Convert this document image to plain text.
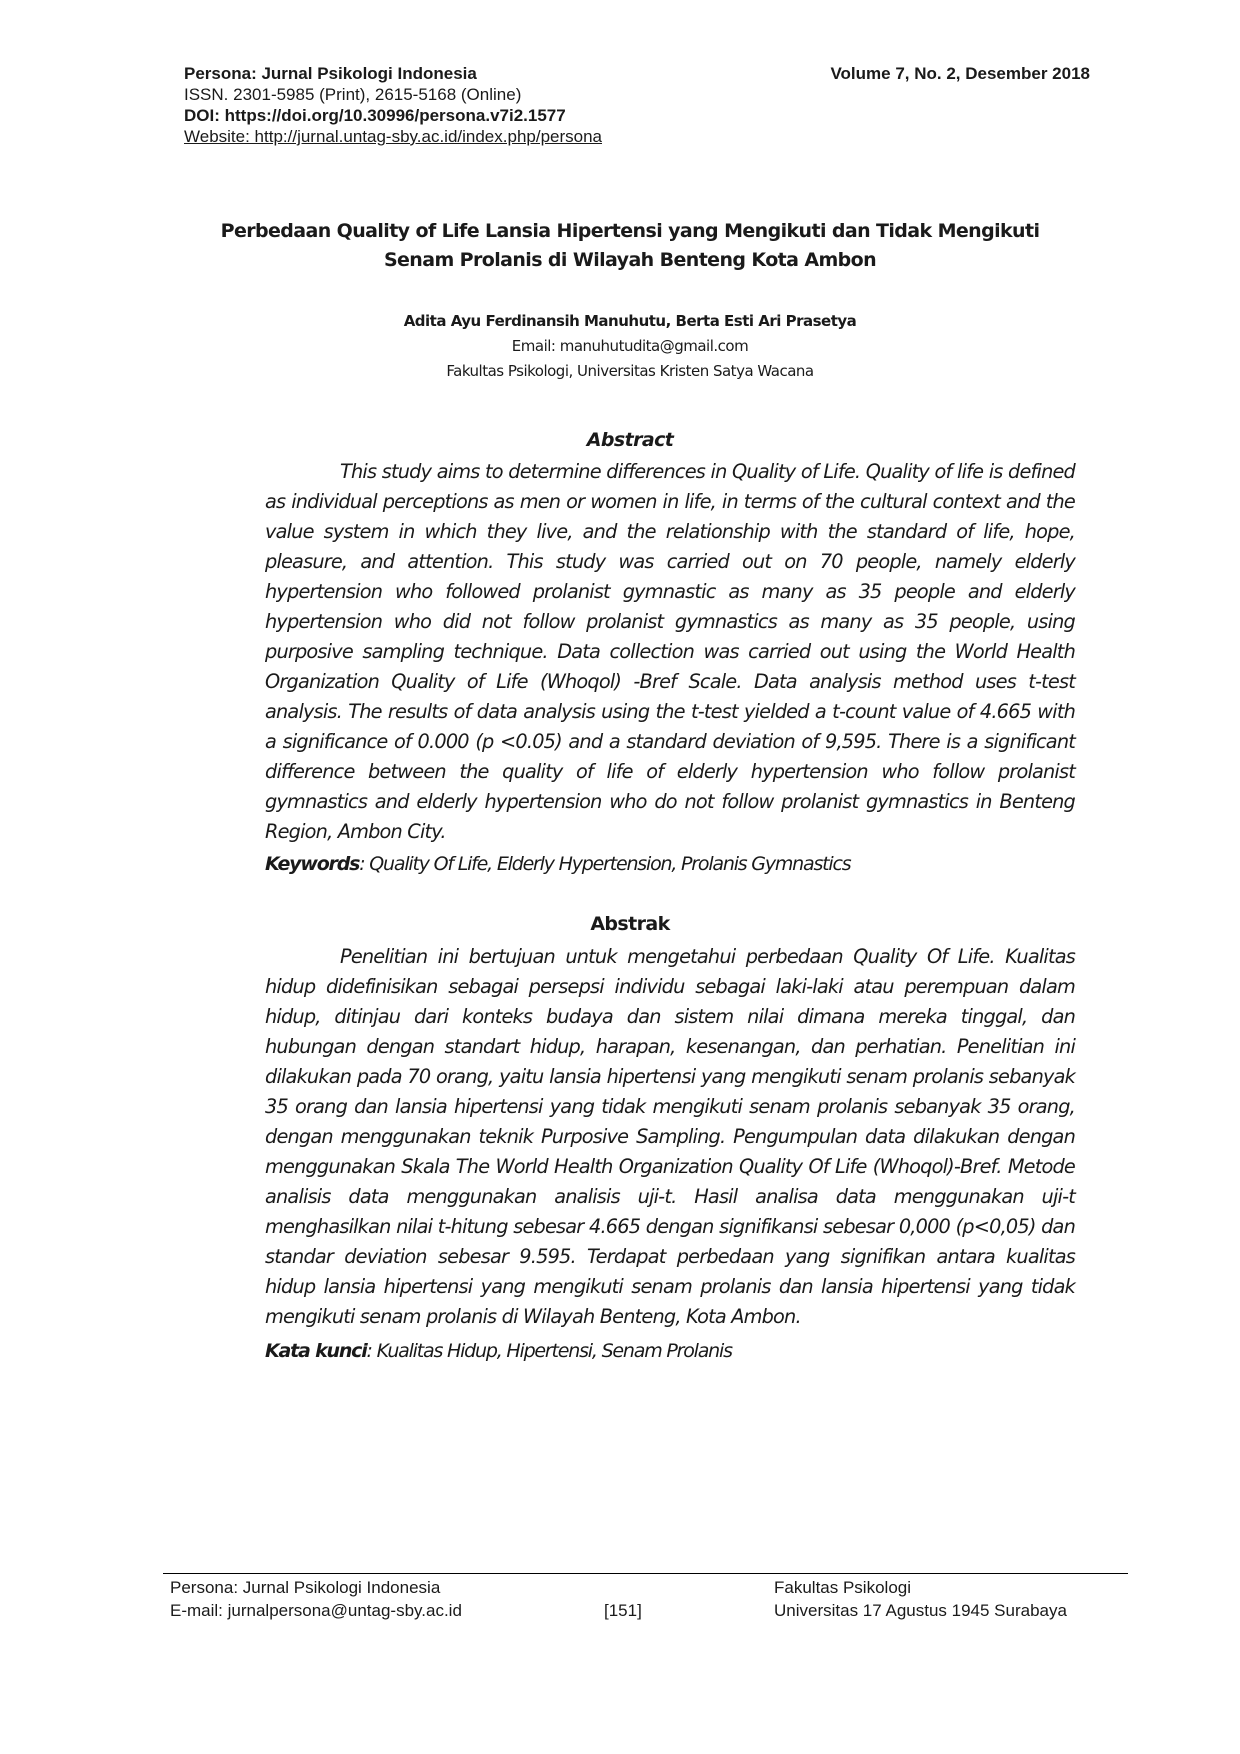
Persona: Jurnal Psikologi Indonesia
ISSN. 2301-5985 (Print), 2615-5168 (Online)
DOI: https://doi.org/10.30996/persona.v7i2.1577
Website: http://jurnal.untag-sby.ac.id/index.php/persona
Volume 7, No. 2, Desember 2018
Perbedaan Quality of Life Lansia Hipertensi yang Mengikuti dan Tidak Mengikuti Senam Prolanis di Wilayah Benteng Kota Ambon
Adita Ayu Ferdinansih Manuhutu, Berta Esti Ari Prasetya
Email: manuhutudita@gmail.com
Fakultas Psikologi, Universitas Kristen Satya Wacana
Abstract

This study aims to determine differences in Quality of Life. Quality of life is defined as individual perceptions as men or women in life, in terms of the cultural context and the value system in which they live, and the relationship with the standard of life, hope, pleasure, and attention. This study was carried out on 70 people, namely elderly hypertension who followed prolanist gymnastic as many as 35 people and elderly hypertension who did not follow prolanist gymnastics as many as 35 people, using purposive sampling technique. Data collection was carried out using the World Health Organization Quality of Life (Whoqol) -Bref Scale. Data analysis method uses t-test analysis. The results of data analysis using the t-test yielded a t-count value of 4.665 with a significance of 0.000 (p <0.05) and a standard deviation of 9,595. There is a significant difference between the quality of life of elderly hypertension who follow prolanist gymnastics and elderly hypertension who do not follow prolanist gymnastics in Benteng Region, Ambon City.

Keywords: Quality Of Life, Elderly Hypertension, Prolanis Gymnastics
Abstrak

Penelitian ini bertujuan untuk mengetahui perbedaan Quality Of Life. Kualitas hidup didefinisikan sebagai persepsi individu sebagai laki-laki atau perempuan dalam hidup, ditinjau dari konteks budaya dan sistem nilai dimana mereka tinggal, dan hubungan dengan standart hidup, harapan, kesenangan, dan perhatian. Penelitian ini dilakukan pada 70 orang, yaitu lansia hipertensi yang mengikuti senam prolanis sebanyak 35 orang dan lansia hipertensi yang tidak mengikuti senam prolanis sebanyak 35 orang, dengan menggunakan teknik Purposive Sampling. Pengumpulan data dilakukan dengan menggunakan Skala The World Health Organization Quality Of Life (Whoqol)-Bref. Metode analisis data menggunakan analisis uji-t. Hasil analisa data menggunakan uji-t menghasilkan nilai t-hitung sebesar 4.665 dengan signifikansi sebesar 0,000 (p<0,05) dan standar deviation sebesar 9.595. Terdapat perbedaan yang signifikan antara kualitas hidup lansia hipertensi yang mengikuti senam prolanis dan lansia hipertensi yang tidak mengikuti senam prolanis di Wilayah Benteng, Kota Ambon.

Kata kunci: Kualitas Hidup, Hipertensi, Senam Prolanis
Persona: Jurnal Psikologi Indonesia
E-mail: jurnalpersona@untag-sby.ac.id	[151]
Fakultas Psikologi
Universitas 17 Agustus 1945 Surabaya
